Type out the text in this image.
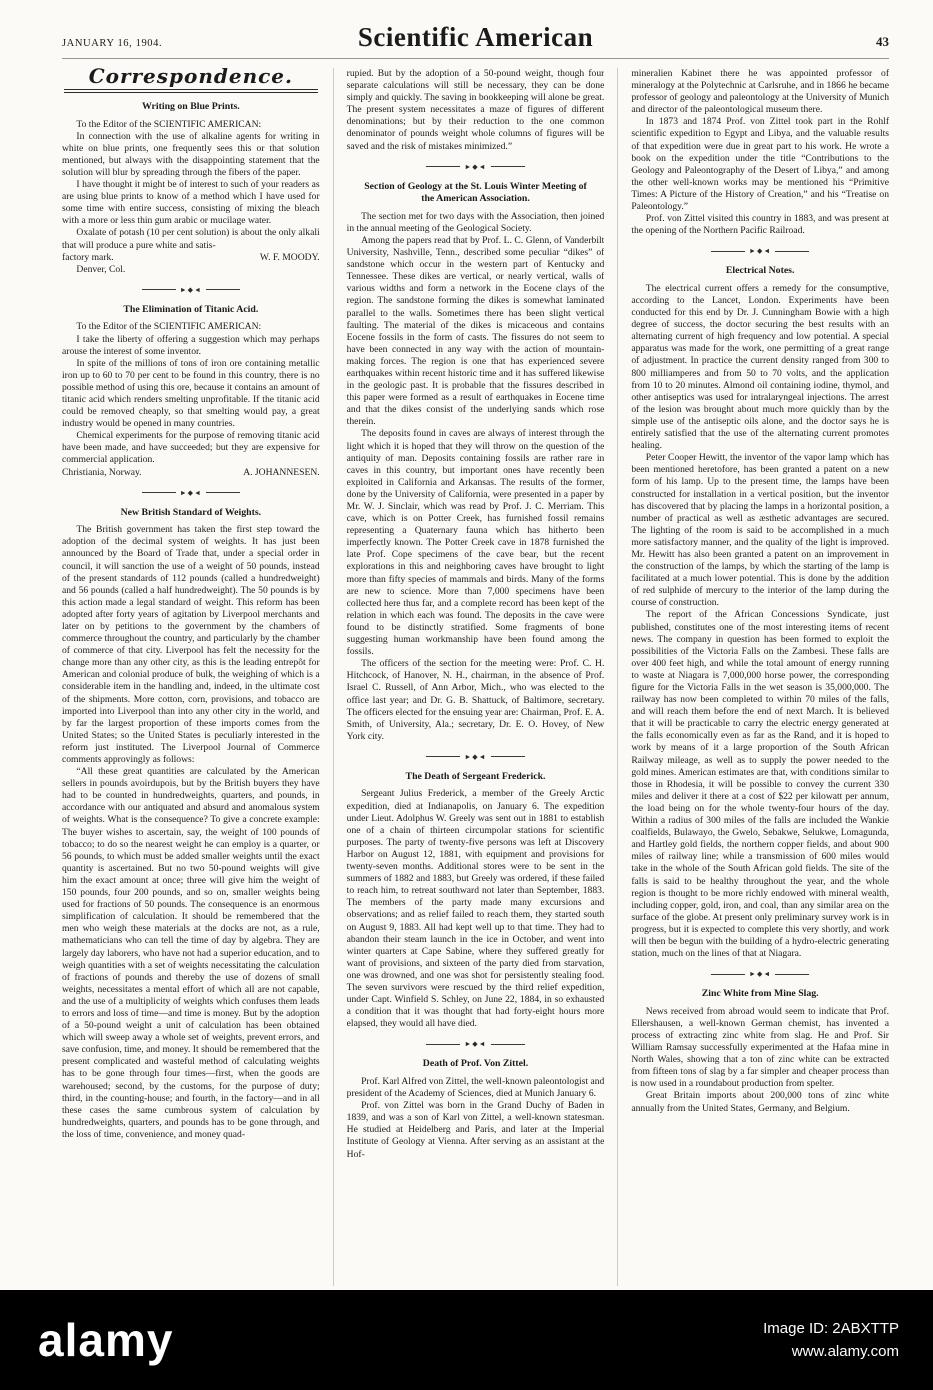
JANUARY 16, 1904.	Scientific American	43
Correspondence.
Writing on Blue Prints.

To the Editor of the SCIENTIFIC AMERICAN:

In connection with the use of alkaline agents for writing in white on blue prints, one frequently sees this or that solution mentioned, but always with the disappointing statement that the solution will blur by spreading through the fibers of the paper.

I have thought it might be of interest to such of your readers as are using blue prints to know of a method which I have used for some time with entire success, consisting of mixing the bleach with a more or less thin gum arabic or mucilage water.

Oxalate of potash (10 per cent solution) is about the only alkali that will produce a pure white and satis-

factory mark.	W. F. MOODY.

Denver, Col.

►◆◄
The Elimination of Titanic Acid.

To the Editor of the SCIENTIFIC AMERICAN:

I take the liberty of offering a suggestion which may perhaps arouse the interest of some inventor.

In spite of the millions of tons of iron ore containing metallic iron up to 60 to 70 per cent to be found in this country, there is no possible method of using this ore, because it contains an amount of titanic acid which renders smelting unprofitable. If the titanic acid could be removed cheaply, so that smelting would pay, a great industry would be opened in many countries.

Chemical experiments for the purpose of removing titanic acid have been made, and have succeeded; but they are expensive for commercial application.

Christiania, Norway.	A. JOHANNESEN.
►◆◄
New British Standard of Weights.

The British government has taken the first step toward the adoption of the decimal system of weights. It has just been announced by the Board of Trade that, under a special order in council, it will sanction the use of a weight of 50 pounds, instead of the present standards of 112 pounds (called a hundredweight) and 56 pounds (called a half hundredweight). The 50 pounds is by this action made a legal standard of weight. This reform has been adopted after forty years of agitation by Liverpool merchants and later on by petitions to the government by the chambers of commerce throughout the country, and particularly by the chamber of commerce of that city. Liverpool has felt the necessity for the change more than any other city, as this is the leading entrepôt for American and colonial produce of bulk, the weighing of which is a considerable item in the handling and, indeed, in the ultimate cost of the shipments. More cotton, corn, provisions, and tobacco are imported into Liverpool than into any other city in the world, and by far the largest proportion of these imports comes from the United States; so the United States is peculiarly interested in the reform just instituted. The Liverpool Journal of Commerce comments approvingly as follows:

“All these great quantities are calculated by the American sellers in pounds avoirdupois, but by the British buyers they have had to be counted in hundredweights, quarters, and pounds, in accordance with our antiquated and absurd and anomalous system of weights. What is the consequence? To give a concrete example: The buyer wishes to ascertain, say, the weight of 100 pounds of tobacco; to do so the nearest weight he can employ is a quarter, or 56 pounds, to which must be added smaller weights until the exact quantity is ascertained. But no two 50-pound weights will give him the exact amount at once; three will give him the weight of 150 pounds, four 200 pounds, and so on, smaller weights being used for fractions of 50 pounds. The consequence is an enormous simplification of calculation. It should be remembered that the men who weigh these materials at the docks are not, as a rule, mathematicians who can tell the time of day by algebra. They are largely day laborers, who have not had a superior education, and to weigh quantities with a set of weights necessitating the calculation of fractions of pounds and thereby the use of dozens of small weights, necessitates a mental effort of which all are not capable, and the use of a multiplicity of weights which confuses them leads to errors and loss of time—and time is money. But by the adoption of a 50-pound weight a unit of calculation has been obtained which will sweep away a whole set of weights, prevent errors, and save confusion, time, and money. It should be remembered that the present complicated and wasteful method of calculating weights has to be gone through four times—first, when the goods are warehoused; second, by the customs, for the purpose of duty; third, in the counting-house; and fourth, in the factory—and in all these cases the same cumbrous system of calculation by hundredweights, quarters, and pounds has to be gone through, and the loss of time, convenience, and money quad-

rupied. But by the adoption of a 50-pound weight, though four separate calculations will still be necessary, they can be done simply and quickly. The saving in bookkeeping will alone be great. The present system necessitates a maze of figures of different denominations; but by their reduction to the one common denominator of pounds weight whole columns of figures will be saved and the risk of mistakes minimized.”

►◆◄
Section of Geology at the St. Louis Winter Meeting of the American Association.

The section met for two days with the Association, then joined in the annual meeting of the Geological Society.

Among the papers read that by Prof. L. C. Glenn, of Vanderbilt University, Nashville, Tenn., described some peculiar “dikes” of sandstone which occur in the western part of Kentucky and Tennessee. These dikes are vertical, or nearly vertical, walls of various widths and form a network in the Eocene clays of the region. The sandstone forming the dikes is somewhat laminated parallel to the walls. Sometimes there has been slight vertical faulting. The material of the dikes is micaceous and contains Eocene fossils in the form of casts. The fissures do not seem to have been connected in any way with the action of mountain-making forces. The region is one that has experienced severe earthquakes within recent historic time and it has suffered likewise in the geologic past. It is probable that the fissures described in this paper were formed as a result of earthquakes in Eocene time and that the dikes consist of the underlying sands which rose therein.

The deposits found in caves are always of interest through the light which it is hoped that they will throw on the question of the antiquity of man. Deposits containing fossils are rather rare in caves in this country, but important ones have recently been exploited in California and Arkansas. The results of the former, done by the University of California, were presented in a paper by Mr. W. J. Sinclair, which was read by Prof. J. C. Merriam. This cave, which is on Potter Creek, has furnished fossil remains representing a Quaternary fauna which has hitherto been imperfectly known. The Potter Creek cave in 1878 furnished the late Prof. Cope specimens of the cave bear, but the recent explorations in this and neighboring caves have brought to light more than fifty species of mammals and birds. Many of the forms are new to science. More than 7,000 specimens have been collected here thus far, and a complete record has been kept of the relation in which each was found. The deposits in the cave were found to be distinctly stratified. Some fragments of bone suggesting human workmanship have been found among the fossils.

The officers of the section for the meeting were: Prof. C. H. Hitchcock, of Hanover, N. H., chairman, in the absence of Prof. Israel C. Russell, of Ann Arbor, Mich., who was elected to the office last year; and Dr. G. B. Shattuck, of Baltimore, secretary. The officers elected for the ensuing year are: Chairman, Prof. E. A. Smith, of University, Ala.; secretary, Dr. E. O. Hovey, of New York city.

►◆◄
The Death of Sergeant Frederick.

Sergeant Julius Frederick, a member of the Greely Arctic expedition, died at Indianapolis, on January 6. The expedition under Lieut. Adolphus W. Greely was sent out in 1881 to establish one of a chain of thirteen circumpolar stations for scientific purposes. The party of twenty-five persons was left at Discovery Harbor on August 12, 1881, with equipment and provisions for twenty-seven months. Additional stores were to be sent in the summers of 1882 and 1883, but Greely was ordered, if these failed to reach him, to retreat southward not later than September, 1883. The members of the party made many excursions and observations; and as relief failed to reach them, they started south on August 9, 1883. All had kept well up to that time. They had to abandon their steam launch in the ice in October, and went into winter quarters at Cape Sabine, where they suffered greatly for want of provisions, and sixteen of the party died from starvation, one was drowned, and one was shot for persistently stealing food. The seven survivors were rescued by the third relief expedition, under Capt. Winfield S. Schley, on June 22, 1884, in so exhausted a condition that it was thought that had forty-eight hours more elapsed, they would all have died.

►◆◄
Death of Prof. Von Zittel.

Prof. Karl Alfred von Zittel, the well-known paleontologist and president of the Academy of Sciences, died at Munich January 6.

Prof. von Zittel was born in the Grand Duchy of Baden in 1839, and was a son of Karl von Zittel, a well-known statesman. He studied at Heidelberg and Paris, and later at the Imperial Institute of Geology at Vienna. After serving as an assistant at the Hof-

mineralien Kabinet there he was appointed professor of mineralogy at the Polytechnic at Carlsruhe, and in 1866 he became professor of geology and paleontology at the University of Munich and director of the paleontological museum there.

In 1873 and 1874 Prof. von Zittel took part in the Rohlf scientific expedition to Egypt and Libya, and the valuable results of that expedition were due in great part to his work. He wrote a book on the expedition under the title “Contributions to the Geology and Paleontography of the Desert of Libya,” and among the other well-known works may be mentioned his “Primitive Times: A Picture of the History of Creation,” and his “Treatise on Paleontology.”

Prof. von Zittel visited this country in 1883, and was present at the opening of the Northern Pacific Railroad.

►◆◄
Electrical Notes.

The electrical current offers a remedy for the consumptive, according to the Lancet, London. Experiments have been conducted for this end by Dr. J. Cunningham Bowie with a high degree of success, the doctor securing the best results with an alternating current of high frequency and low potential. A special apparatus was made for the work, one permitting of a great range of adjustment. In practice the current density ranged from 300 to 800 milliamperes and from 50 to 70 volts, and the application from 10 to 20 minutes. Almond oil containing iodine, thymol, and other antiseptics was used for intralaryngeal injections. The arrest of the lesion was brought about much more quickly than by the simple use of the antiseptic oils alone, and the doctor says he is entirely satisfied that the use of the alternating current promotes healing.

Peter Cooper Hewitt, the inventor of the vapor lamp which has been mentioned heretofore, has been granted a patent on a new form of his lamp. Up to the present time, the lamps have been constructed for installation in a vertical position, but the inventor has discovered that by placing the lamps in a horizontal position, a number of practical as well as æsthetic advantages are secured. The lighting of the room is said to be accomplished in a much more satisfactory manner, and the quality of the light is improved. Mr. Hewitt has also been granted a patent on an improvement in the construction of the lamps, by which the starting of the lamp is facilitated at a much lower potential. This is done by the addition of red sulphide of mercury to the interior of the lamp during the course of construction.

The report of the African Concessions Syndicate, just published, constitutes one of the most interesting items of recent news. The company in question has been formed to exploit the possibilities of the Victoria Falls on the Zambesi. These falls are over 400 feet high, and while the total amount of energy running to waste at Niagara is 7,000,000 horse power, the corresponding figure for the Victoria Falls in the wet season is 35,000,000. The railway has now been completed to within 70 miles of the falls, and will reach them before the end of next March. It is believed that it will be practicable to carry the electric energy generated at the falls economically even as far as the Rand, and it is hoped to work by means of it a large proportion of the South African Railway mileage, as well as to supply the power needed to the gold mines. American estimates are that, with conditions similar to those in Rhodesia, it will be possible to convey the current 330 miles and deliver it there at a cost of $22 per kilowatt per annum, the load being on for the whole twenty-four hours of the day. Within a radius of 300 miles of the falls are included the Wankie coalfields, Bulawayo, the Gwelo, Sebakwe, Selukwe, Lomagunda, and Hartley gold fields, the northern copper fields, and about 900 miles of railway line; while a transmission of 600 miles would take in the whole of the South African gold fields. The site of the falls is said to be healthy throughout the year, and the whole region is thought to be more richly endowed with mineral wealth, including copper, gold, iron, and coal, than any similar area on the surface of the globe. At present only preliminary survey work is in progress, but it is expected to complete this very shortly, and work will then be begun with the building of a hydro-electric generating station, much on the lines of that at Niagara.

►◆◄
Zinc White from Mine Slag.

News received from abroad would seem to indicate that Prof. Ellershausen, a well-known German chemist, has invented a process of extracting zinc white from slag. He and Prof. Sir William Ramsay successfully experimented at the Hafaa mine in North Wales, showing that a ton of zinc white can be extracted from fifteen tons of slag by a far simpler and cheaper process than is now used in a roundabout production from spelter.

Great Britain imports about 200,000 tons of zinc white annually from the United States, Germany, and Belgium.

alamy	Image ID: 2ABXTTP
www.alamy.com
